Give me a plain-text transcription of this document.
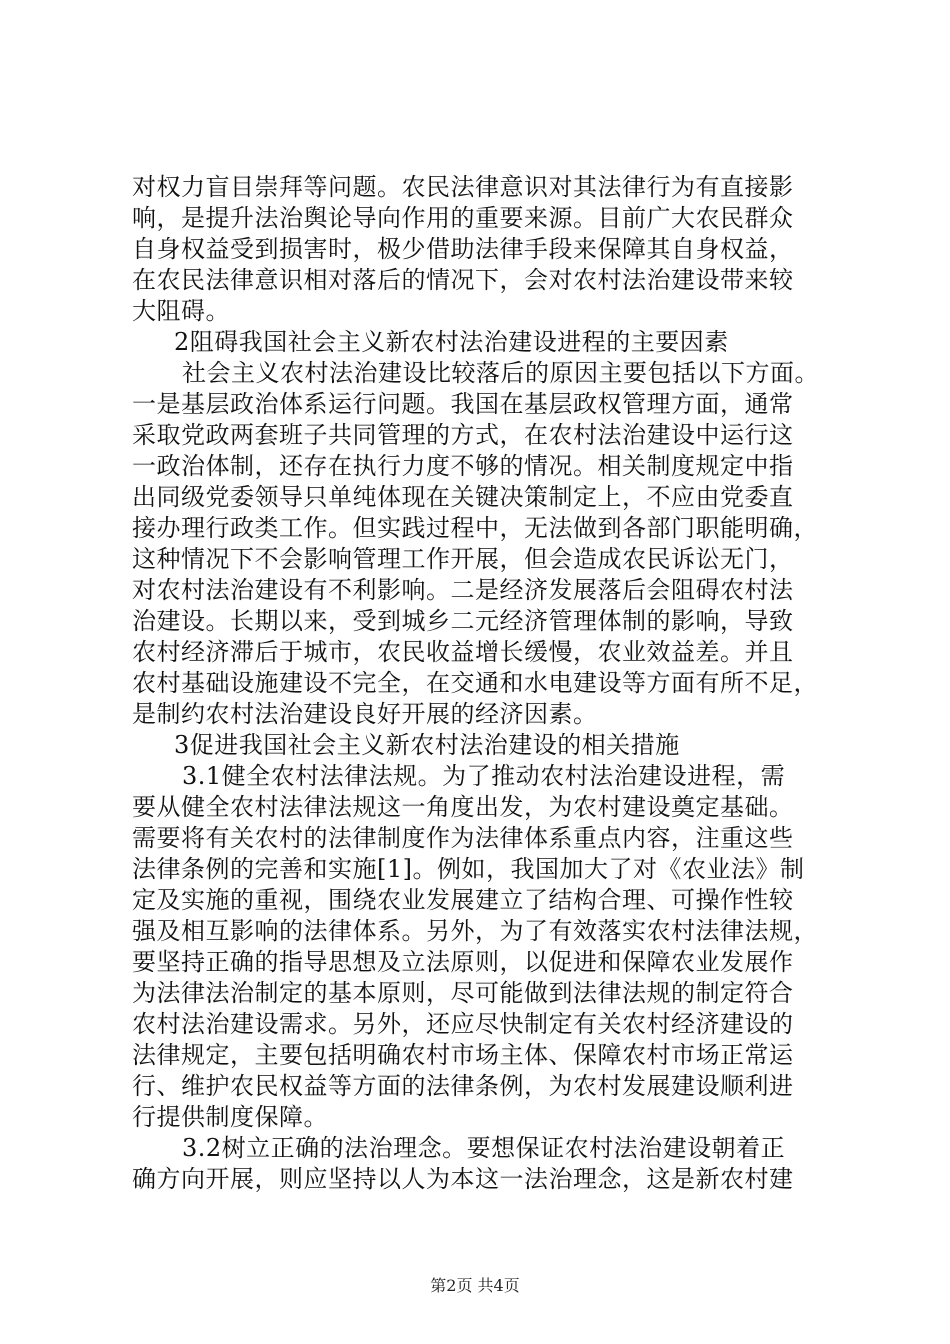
对权力盲目崇拜等问题。农民法律意识对其法律行为有直接影
响，是提升法治舆论导向作用的重要来源。目前广大农民群众
自身权益受到损害时，极少借助法律手段来保障其自身权益，
在农民法律意识相对落后的情况下，会对农村法治建设带来较
大阻碍。
2阻碍我国社会主义新农村法治建设进程的主要因素
社会主义农村法治建设比较落后的原因主要包括以下方面。
一是基层政治体系运行问题。我国在基层政权管理方面，通常
采取党政两套班子共同管理的方式，在农村法治建设中运行这
一政治体制，还存在执行力度不够的情况。相关制度规定中指
出同级党委领导只单纯体现在关键决策制定上，不应由党委直
接办理行政类工作。但实践过程中，无法做到各部门职能明确，
这种情况下不会影响管理工作开展，但会造成农民诉讼无门，
对农村法治建设有不利影响。二是经济发展落后会阻碍农村法
治建设。长期以来，受到城乡二元经济管理体制的影响，导致
农村经济滞后于城市，农民收益增长缓慢，农业效益差。并且
农村基础设施建设不完全，在交通和水电建设等方面有所不足，
是制约农村法治建设良好开展的经济因素。
3促进我国社会主义新农村法治建设的相关措施
3.1健全农村法律法规。为了推动农村法治建设进程，需
要从健全农村法律法规这一角度出发，为农村建设奠定基础。
需要将有关农村的法律制度作为法律体系重点内容，注重这些
法律条例的完善和实施[1]。例如，我国加大了对《农业法》制
定及实施的重视，围绕农业发展建立了结构合理、可操作性较
强及相互影响的法律体系。另外，为了有效落实农村法律法规，
要坚持正确的指导思想及立法原则，以促进和保障农业发展作
为法律法治制定的基本原则，尽可能做到法律法规的制定符合
农村法治建设需求。另外，还应尽快制定有关农村经济建设的
法律规定，主要包括明确农村市场主体、保障农村市场正常运
行、维护农民权益等方面的法律条例，为农村发展建设顺利进
行提供制度保障。
3.2树立正确的法治理念。要想保证农村法治建设朝着正
确方向开展，则应坚持以人为本这一法治理念，这是新农村建
第2页 共4页
